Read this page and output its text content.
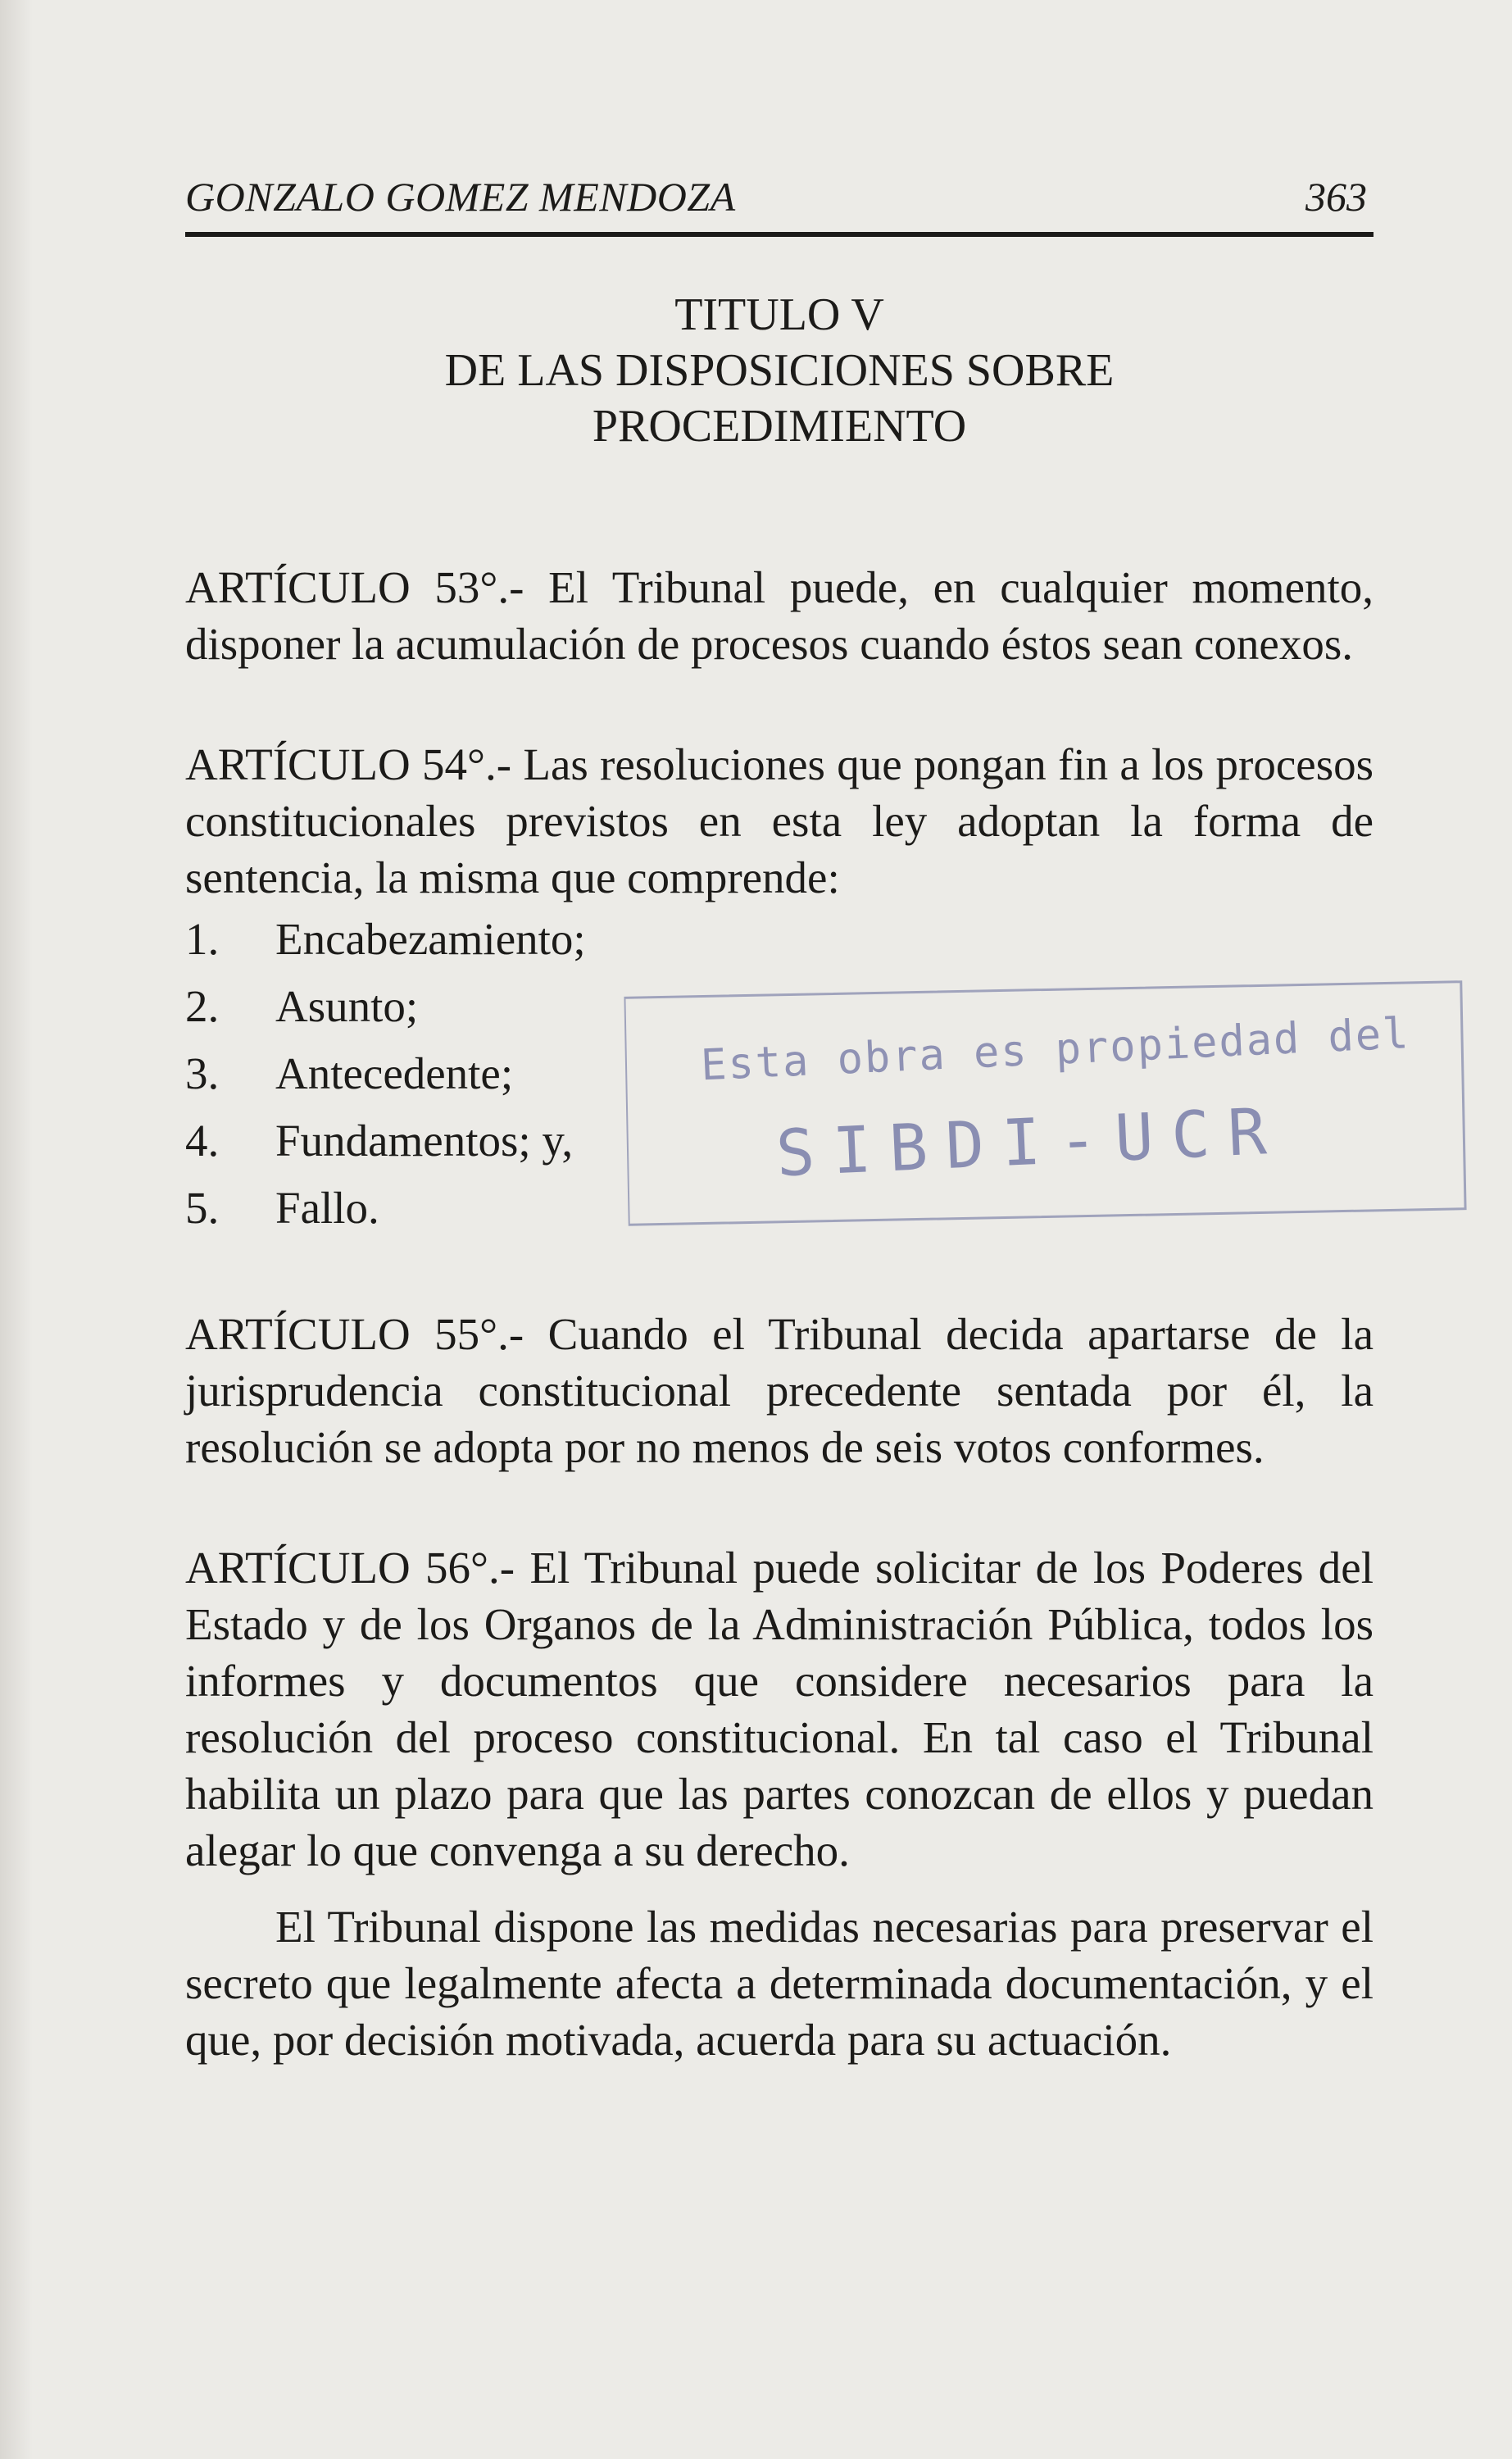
GONZALO GOMEZ MENDOZA	363
TITULO V
DE LAS DISPOSICIONES SOBRE
PROCEDIMIENTO

ARTÍCULO 53°.- El Tribunal puede, en cualquier momento, disponer la acumulación de procesos cuando éstos sean conexos.

ARTÍCULO 54°.- Las resoluciones que pongan fin a los procesos constitucionales previstos en esta ley adoptan la forma de sentencia, la misma que comprende:

1. Encabezamiento;
2. Asunto;
3. Antecedente;
4. Fundamentos; y,
5. Fallo.

ARTÍCULO 55°.- Cuando el Tribunal decida apartarse de la jurisprudencia constitucional precedente sentada por él, la resolución se adopta por no menos de seis votos conformes.

ARTÍCULO 56°.- El Tribunal puede solicitar de los Poderes del Estado y de los Organos de la Administración Pública, todos los informes y documentos que considere necesarios para la resolución del proceso constitucional. En tal caso el Tribunal habilita un plazo para que las partes conozcan de ellos y puedan alegar lo que convenga a su derecho.

El Tribunal dispone las medidas necesarias para preservar el secreto que legalmente afecta a determinada documentación, y el que, por decisión motivada, acuerda para su actuación.

Esta obra es propiedad del
SIBDI-UCR
